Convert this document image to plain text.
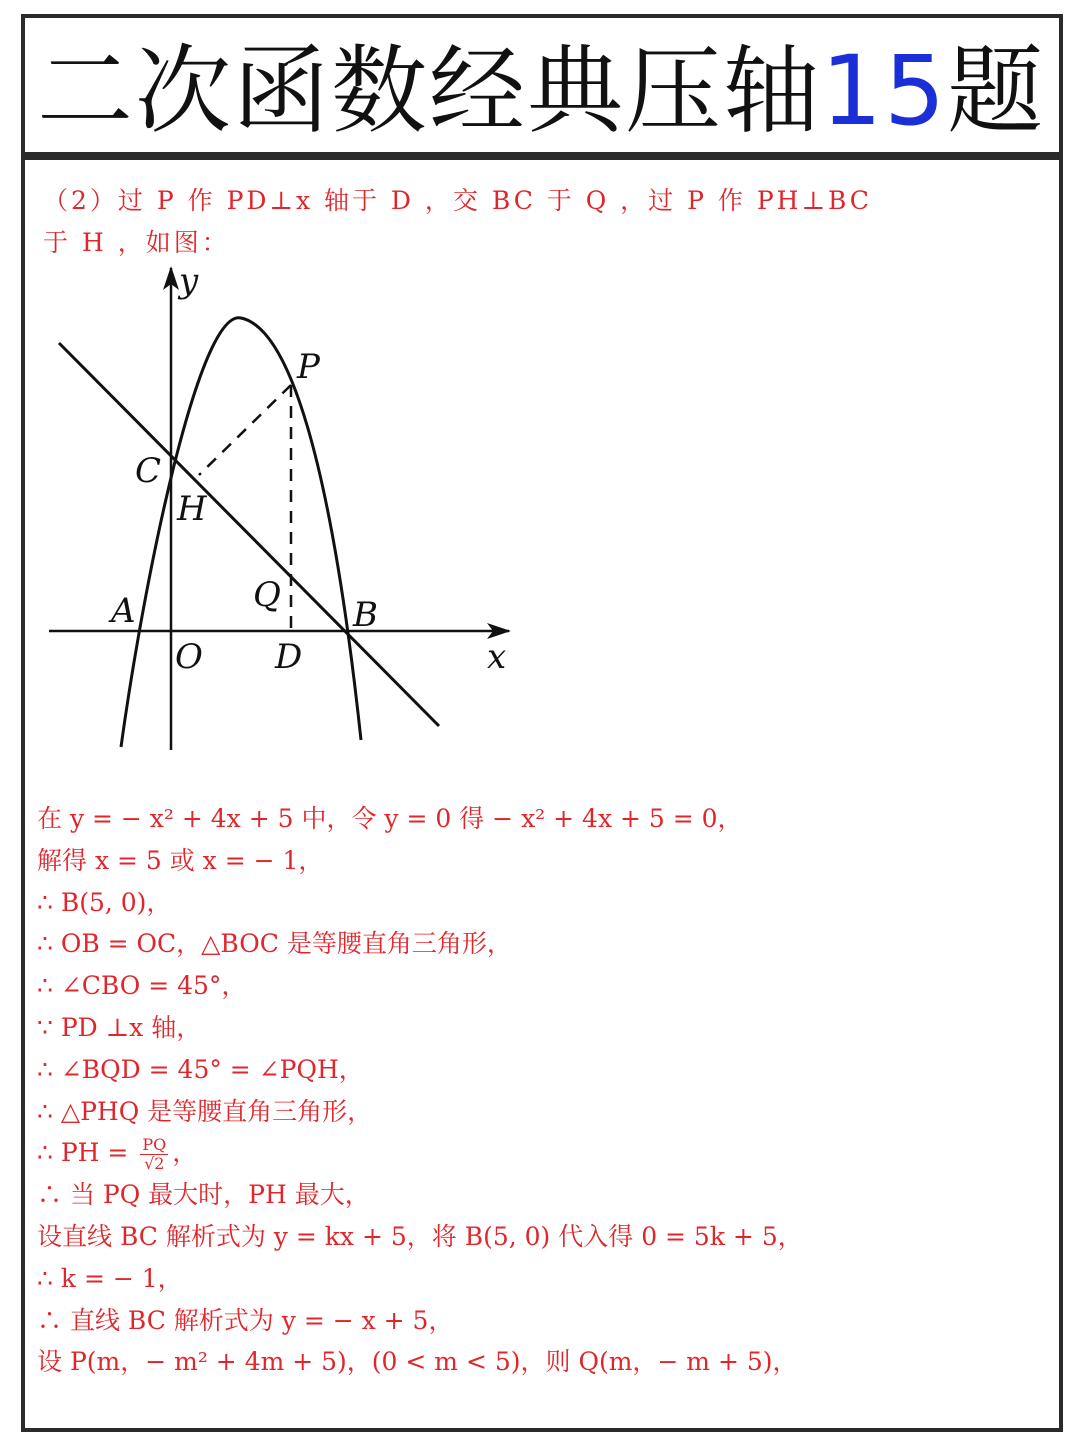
二次函数经典压轴15题
（2）过 P 作 PD⊥x 轴于 D ，交 BC 于 Q ，过 P 作 PH⊥BC
于 H ，如图：
y
x
P
C
H
Q
A	B
O D
在 y = − x² + 4x + 5 中，令 y = 0 得 − x² + 4x + 5 = 0，
解得 x = 5 或 x = − 1，
∴ B(5, 0)，
∴ OB = OC，△BOC 是等腰直角三角形，
∴ ∠CBO = 45°，
∵ PD ⊥x 轴，
∴ ∠BQD = 45° = ∠PQH，
∴ △PHQ 是等腰直角三角形，
∴ PH = $\frac{PQ}{√2}$ ，
∴ 当 PQ 最大时，PH 最大，
设直线 BC 解析式为 y = kx + 5，将 B(5, 0) 代入得 0 = 5k + 5，
∴ k = − 1，
∴ 直线 BC 解析式为 y = − x + 5，
设 P(m，− m² + 4m + 5)，(0 < m < 5)，则 Q(m，− m + 5)，
